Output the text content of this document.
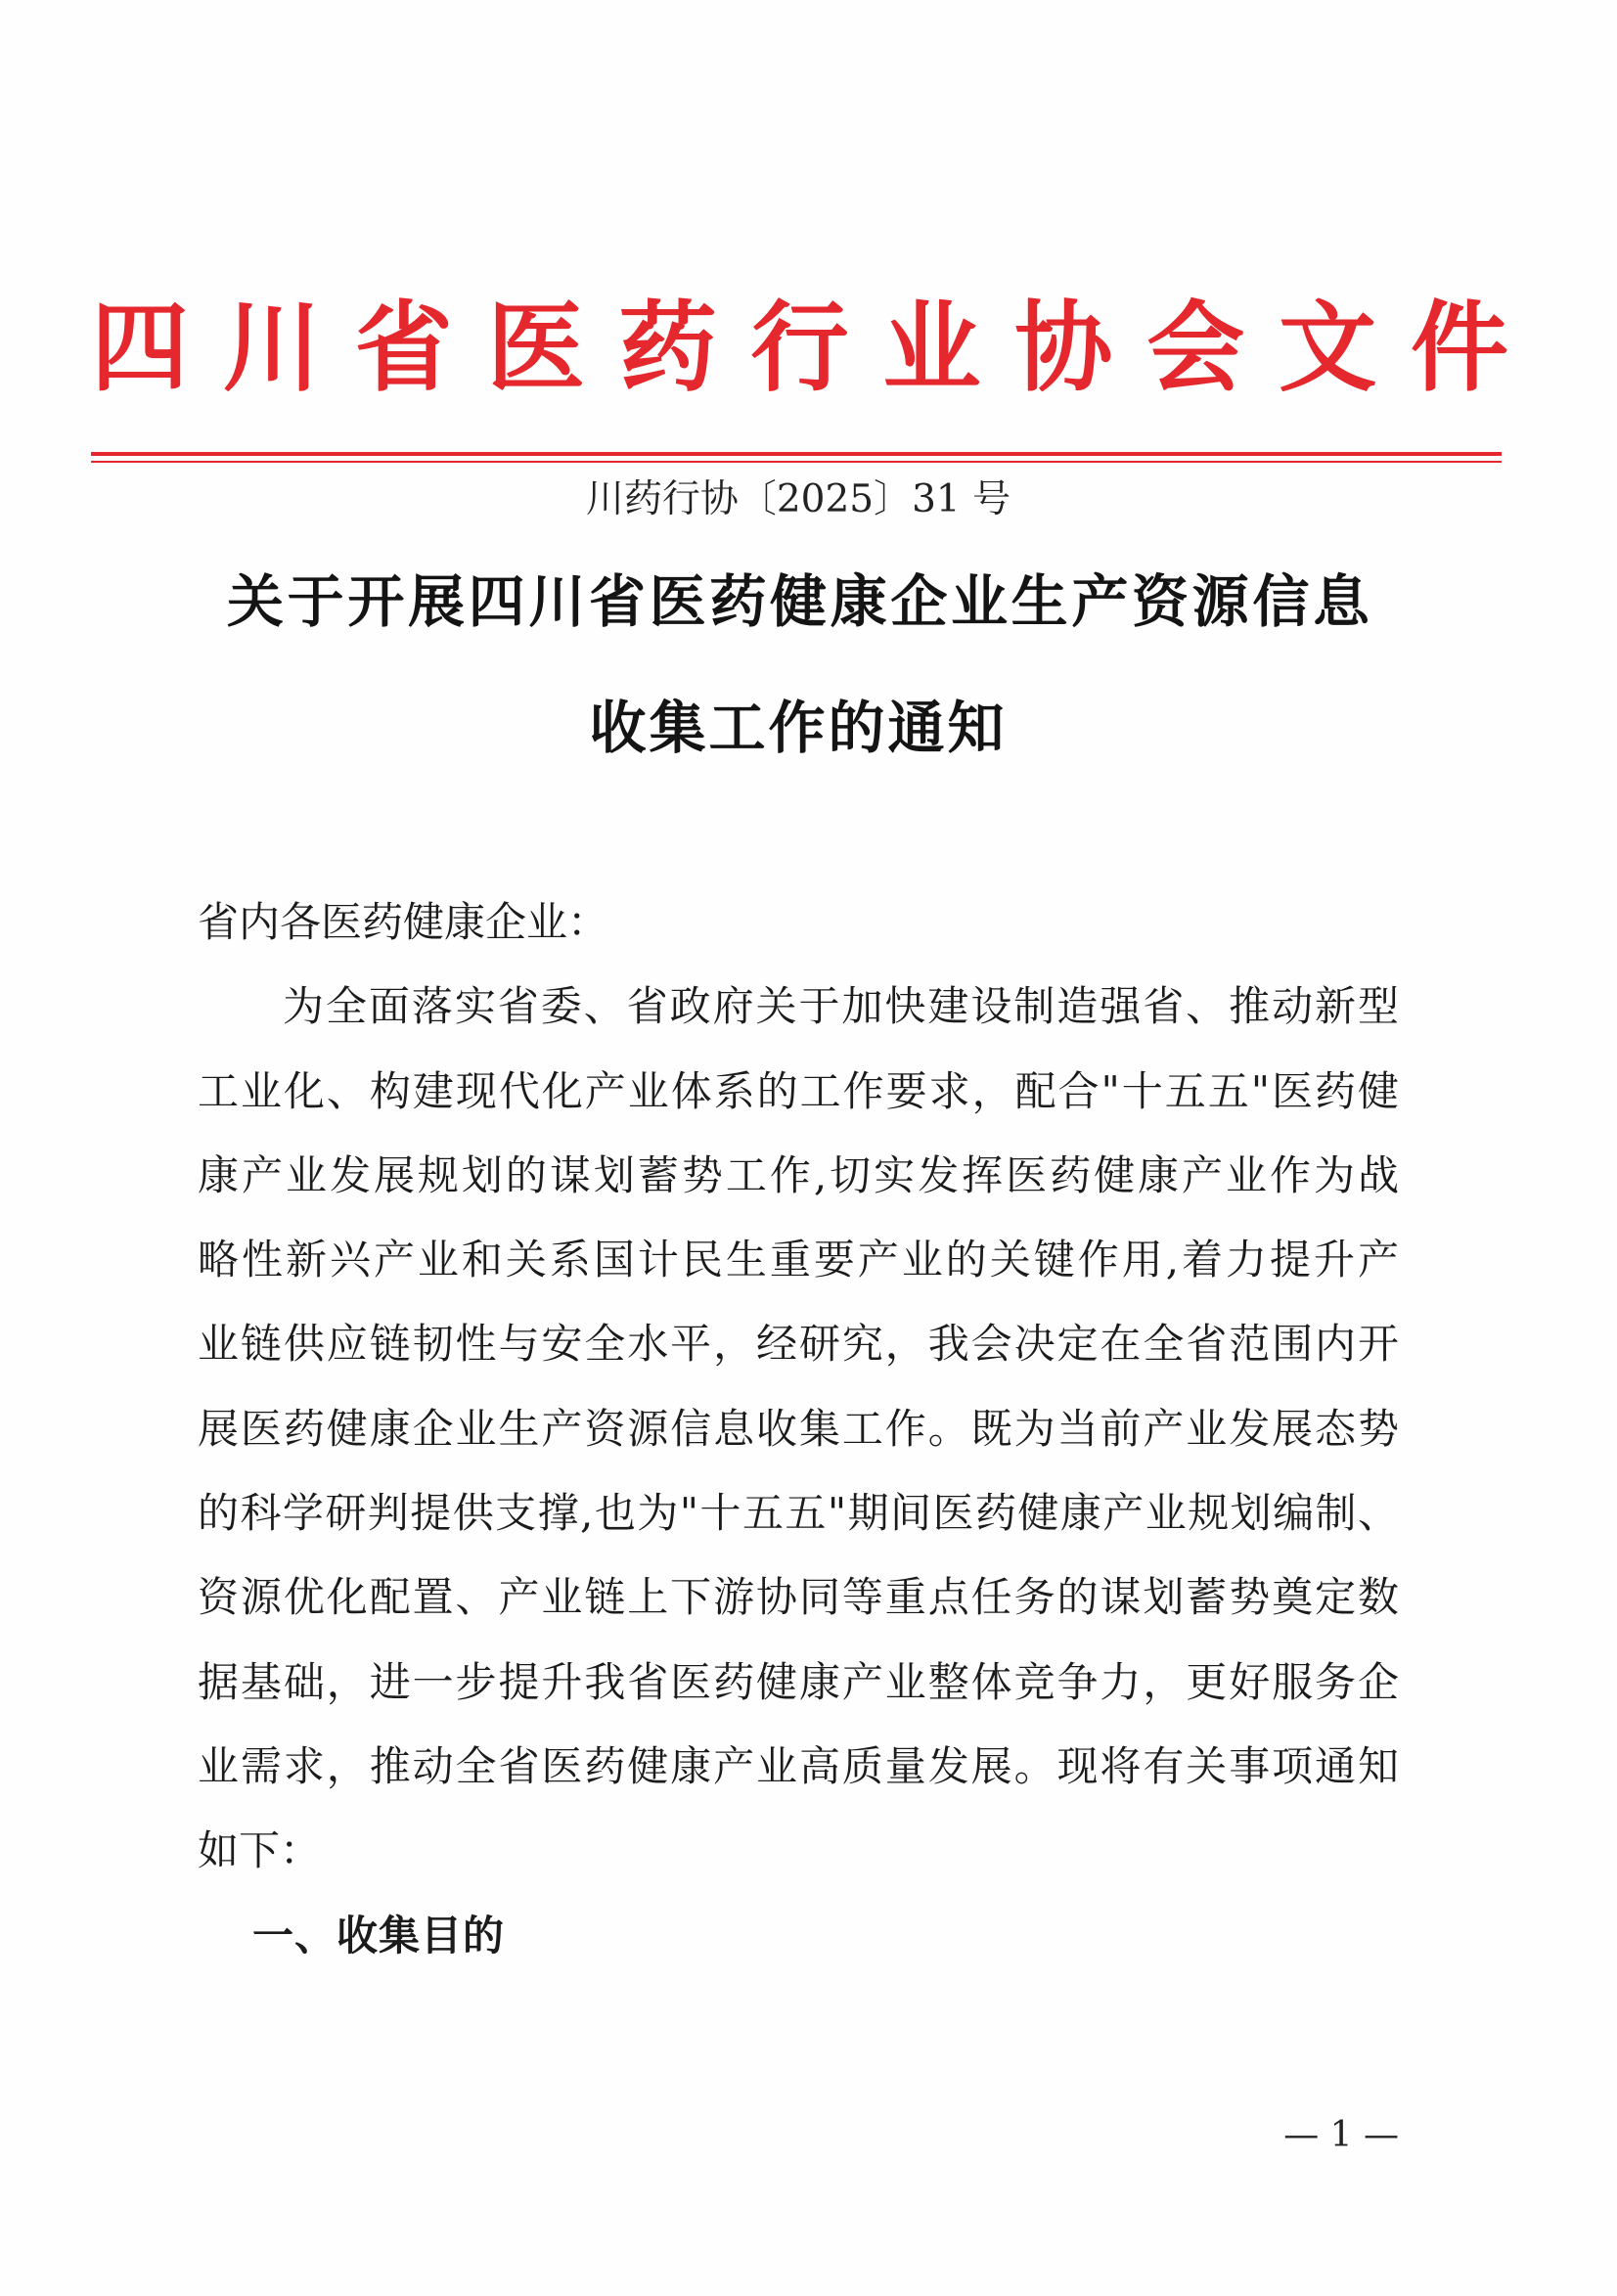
四川省医药行业协会文件
川药行协〔2025〕31 号
关于开展四川省医药健康企业生产资源信息
收集工作的通知
省内各医药健康企业：
为全面落实省委、省政府关于加快建设制造强省、推动新型
工业化、构建现代化产业体系的工作要求，配合"十五五"医药健
康产业发展规划的谋划蓄势工作,切实发挥医药健康产业作为战
略性新兴产业和关系国计民生重要产业的关键作用,着力提升产
业链供应链韧性与安全水平，经研究，我会决定在全省范围内开
展医药健康企业生产资源信息收集工作。既为当前产业发展态势
的科学研判提供支撑,也为"十五五"期间医药健康产业规划编制、
资源优化配置、产业链上下游协同等重点任务的谋划蓄势奠定数
据基础，进一步提升我省医药健康产业整体竞争力，更好服务企
业需求，推动全省医药健康产业高质量发展。现将有关事项通知
如下：
一、收集目的
— 1 —
